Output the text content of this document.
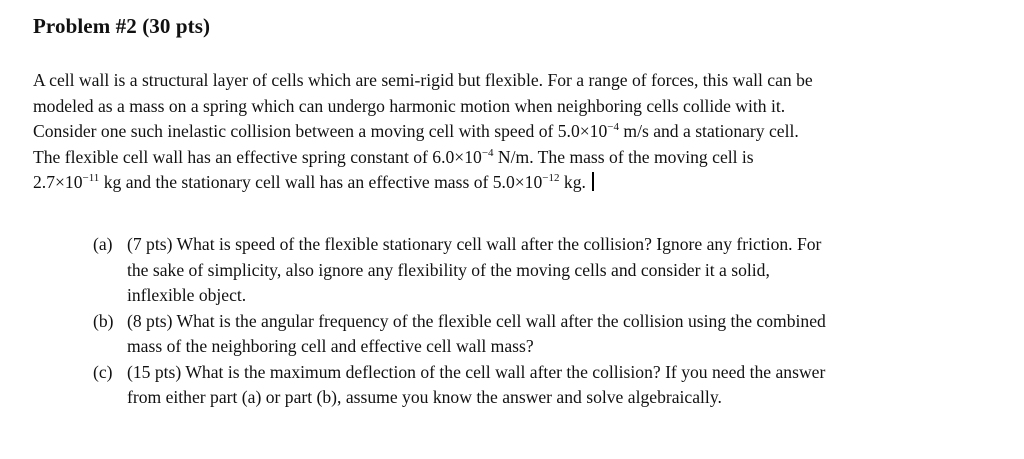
Problem #2 (30 pts)
A cell wall is a structural layer of cells which are semi-rigid but flexible. For a range of forces, this wall can be
modeled as a mass on a spring which can undergo harmonic motion when neighboring cells collide with it.
Consider one such inelastic collision between a moving cell with speed of $5.0\times 10^{-4}$ m/s and a stationary cell.
The flexible cell wall has an effective spring constant of $6.0\times 10^{-4}$ N/m. The mass of the moving cell is
$2.7\times 10^{-11}$ kg and the stationary cell wall has an effective mass of $5.0\times 10^{-12}$ kg.
(a) (7 pts) What is speed of the flexible stationary cell wall after the collision? Ignore any friction. For
the sake of simplicity, also ignore any flexibility of the moving cells and consider it a solid,
inflexible object.
(b) (8 pts) What is the angular frequency of the flexible cell wall after the collision using the combined
mass of the neighboring cell and effective cell wall mass?
(c) (15 pts) What is the maximum deflection of the cell wall after the collision? If you need the answer
from either part (a) or part (b), assume you know the answer and solve algebraically.
